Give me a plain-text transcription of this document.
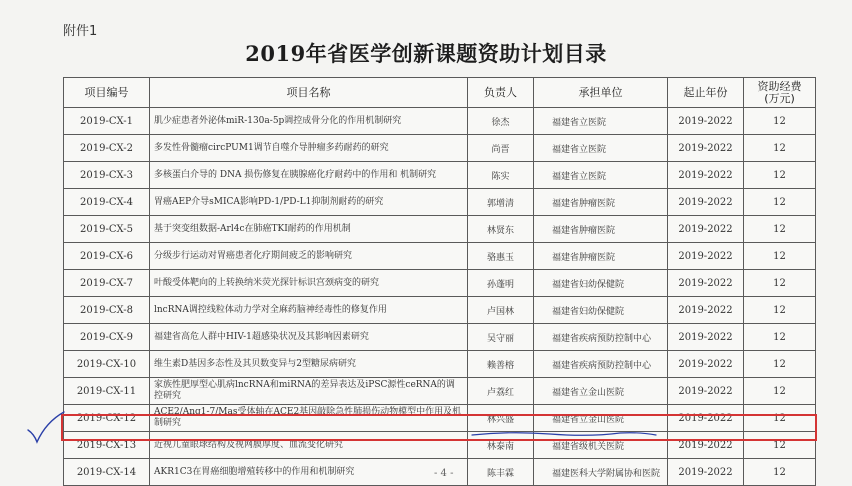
附件1
2019年省医学创新课题资助计划目录
项目编号	项目名称	负责人	承担单位	起止年份	资助经费
(万元)

2019-CX-1	肌少症患者外泌体miR-130a-5p调控成骨分化的作用机制研究	徐杰	福建省立医院	2019-2022	12
2019-CX-2	多发性骨髓瘤circPUM1调节自噬介导肿瘤多药耐药的研究	尚晋	福建省立医院	2019-2022	12
2019-CX-3	多核蛋白介导的 DNA 损伤修复在胰腺癌化疗耐药中的作用和 机制研究	陈实	福建省立医院	2019-2022	12
2019-CX-4	胃癌AEP介导sMICA影响PD-1/PD-L1抑制剂耐药的研究	郭增清	福建省肿瘤医院	2019-2022	12
2019-CX-5	基于突变组数据-Arl4c在肺癌TKI耐药的作用机制	林贤东	福建省肿瘤医院	2019-2022	12
2019-CX-6	分级步行运动对胃癌患者化疗期间疲乏的影响研究	骆惠玉	福建省肿瘤医院	2019-2022	12
2019-CX-7	叶酸受体靶向的上转换纳米荧光探针标识宫颈病变的研究	孙蓬明	福建省妇幼保健院	2019-2022	12
2019-CX-8	lncRNA调控线粒体动力学对全麻药脑神经毒性的修复作用	卢国林	福建省妇幼保健院	2019-2022	12
2019-CX-9	福建省高危人群中HIV-1超感染状况及其影响因素研究	吴守丽	福建省疾病预防控制中心	2019-2022	12
2019-CX-10	维生素D基因多态性及其贝数变异与2型糖尿病研究	赖善榕	福建省疾病预防控制中心	2019-2022	12
2019-CX-11	家族性肥厚型心肌病lncRNA和miRNA的差异表达及iPSC源性ceRNA的调控研究	卢荔红	福建省立金山医院	2019-2022	12
2019-CX-12	ACE2/Ang1-7/Mas受体轴在ACE2基因敲除急性肺损伤动物模型中作用及机制研究	林兴盛	福建省立金山医院	2019-2022	12
2019-CX-13	近视儿童眼球结构及视网膜厚度、血流变化研究	林泰南	福建省级机关医院	2019-2022	12
2019-CX-14	AKR1C3在胃癌细胞增殖转移中的作用和机制研究	陈丰霖	福建医科大学附属协和医院	2019-2022	12
- 4 -
